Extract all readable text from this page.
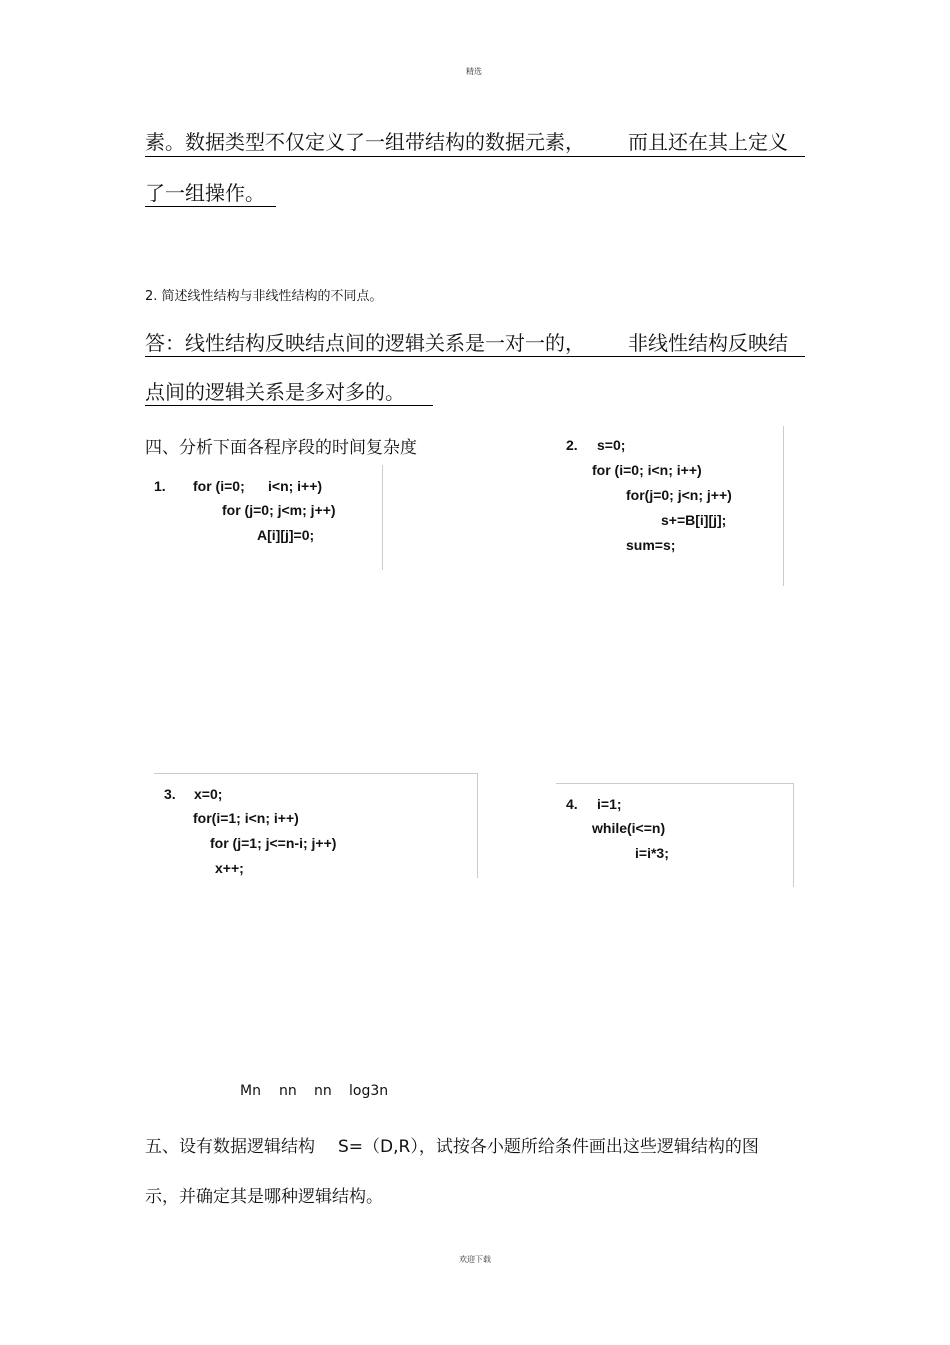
精选
欢迎下载
素。数据类型不仅定义了一组带结构的数据元素， 而且还在其上定义
了一组操作。
2. 简述线性结构与非线性结构的不同点。
答：线性结构反映结点间的逻辑关系是一对一的， 非线性结构反映结
点间的逻辑关系是多对多的。
四、分析下面各程序段的时间复杂度
1. for (i=0; i<n; i++)
for (j=0; j<m; j++)
A[i][j]=0;
2. s=0;
for (i=0; i<n; i++)
for(j=0; j<n; j++)
s+=B[i][j];
sum=s;
3. x=0;
for(i=1; i<n; i++)
for (j=1; j<=n-i; j++)
x++;
4. i=1;
while(i<=n)
i=i*3;
Mn nn nn log3n
五、设有数据逻辑结构 S=（D,R），试按各小题所给条件画出这些逻辑结构的图
示，并确定其是哪种逻辑结构。
